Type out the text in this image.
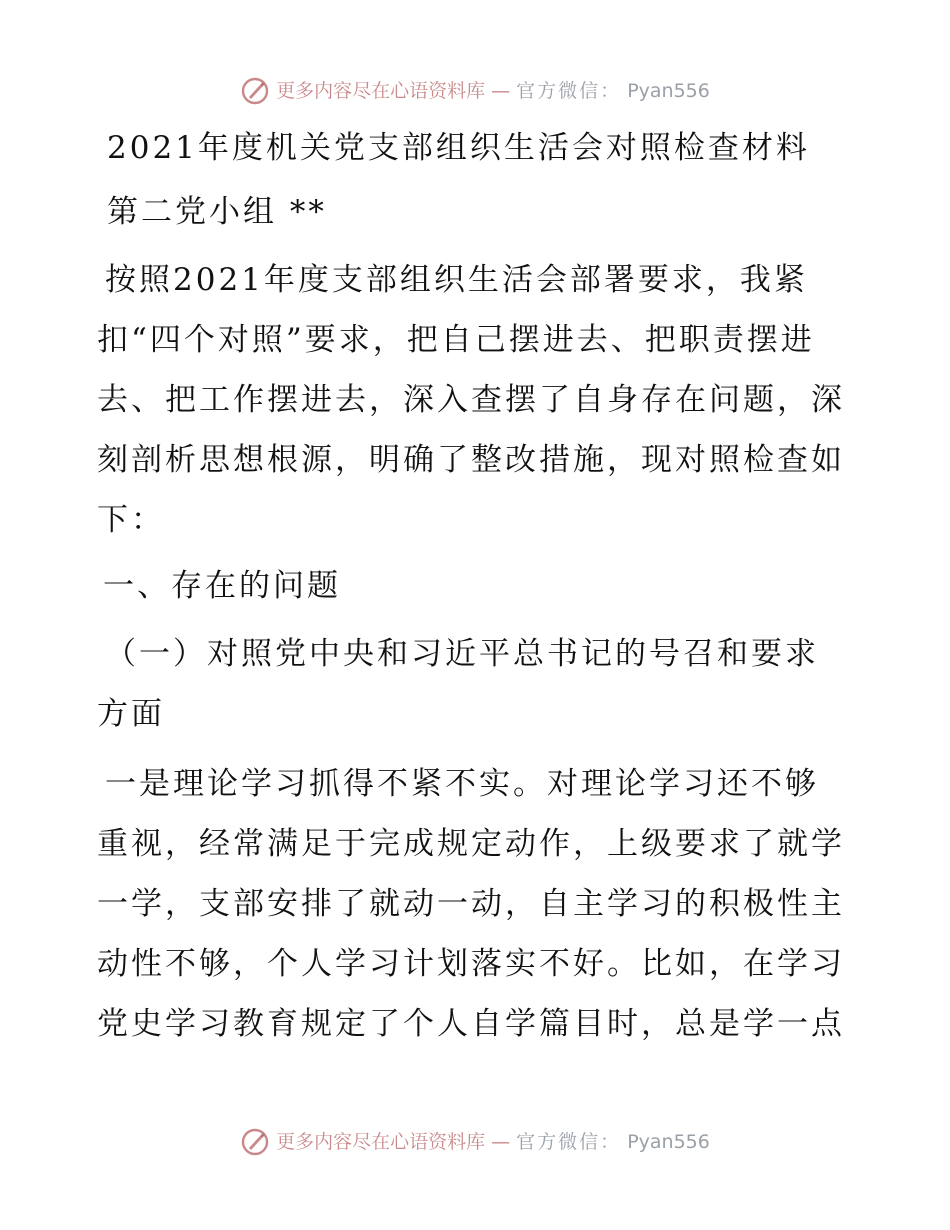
更多内容尽在心语资料库 — 官方微信： Pyan556
2021年度机关党支部组织生活会对照检查材料
第二党小组 **
按照2021年度支部组织生活会部署要求，我紧
扣“四个对照”要求，把自己摆进去、把职责摆进
去、把工作摆进去，深入查摆了自身存在问题，深
刻剖析思想根源，明确了整改措施，现对照检查如
下：
一、存在的问题
（一）对照党中央和习近平总书记的号召和要求
方面
一是理论学习抓得不紧不实。对理论学习还不够
重视，经常满足于完成规定动作，上级要求了就学
一学，支部安排了就动一动，自主学习的积极性主
动性不够，个人学习计划落实不好。比如，在学习
党史学习教育规定了个人自学篇目时，总是学一点
更多内容尽在心语资料库 — 官方微信： Pyan556
